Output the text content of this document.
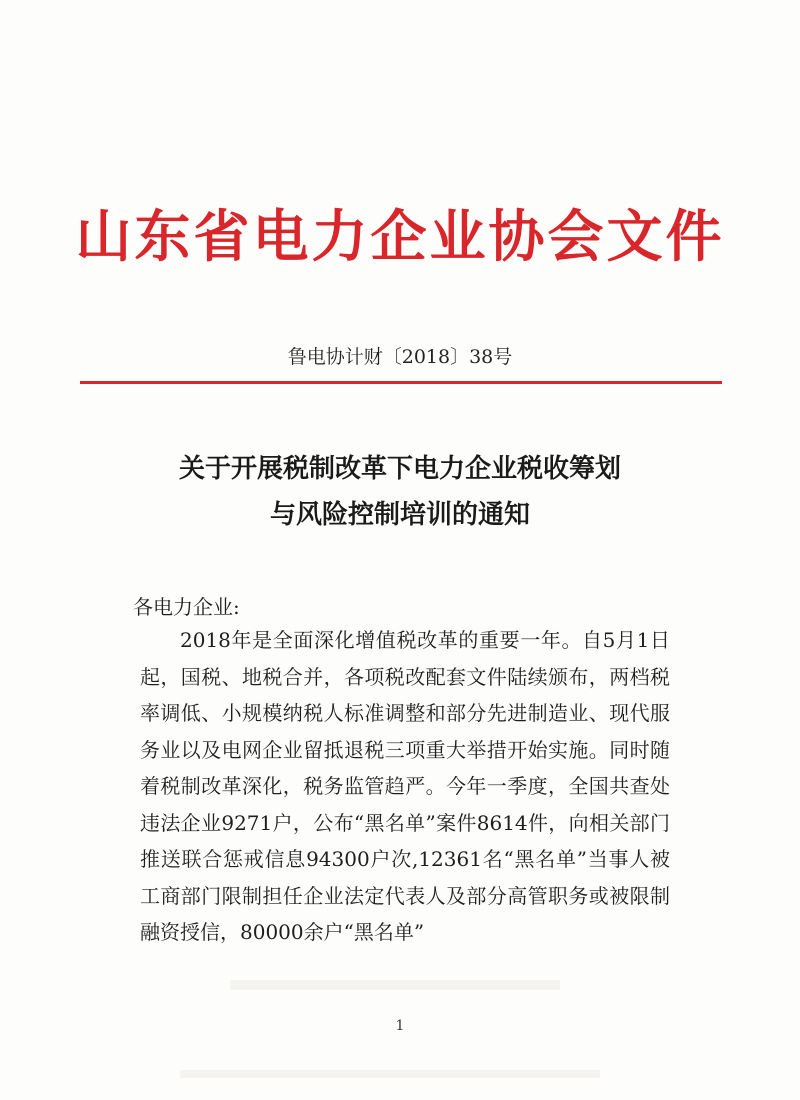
山东省电力企业协会文件
鲁电协计财〔2018〕38号
关于开展税制改革下电力企业税收筹划
与风险控制培训的通知
各电力企业:
2018年是全面深化增值税改革的重要一年。自5月1日起，国税、地税合并，各项税改配套文件陆续颁布，两档税率调低、小规模纳税人标准调整和部分先进制造业、现代服务业以及电网企业留抵退税三项重大举措开始实施。同时随着税制改革深化，税务监管趋严。今年一季度，全国共查处违法企业9271户，公布“黑名单”案件8614件，向相关部门推送联合惩戒信息94300户次,12361名“黑名单”当事人被工商部门限制担任企业法定代表人及部分高管职务或被限制融资授信，80000余户“黑名单”
1
